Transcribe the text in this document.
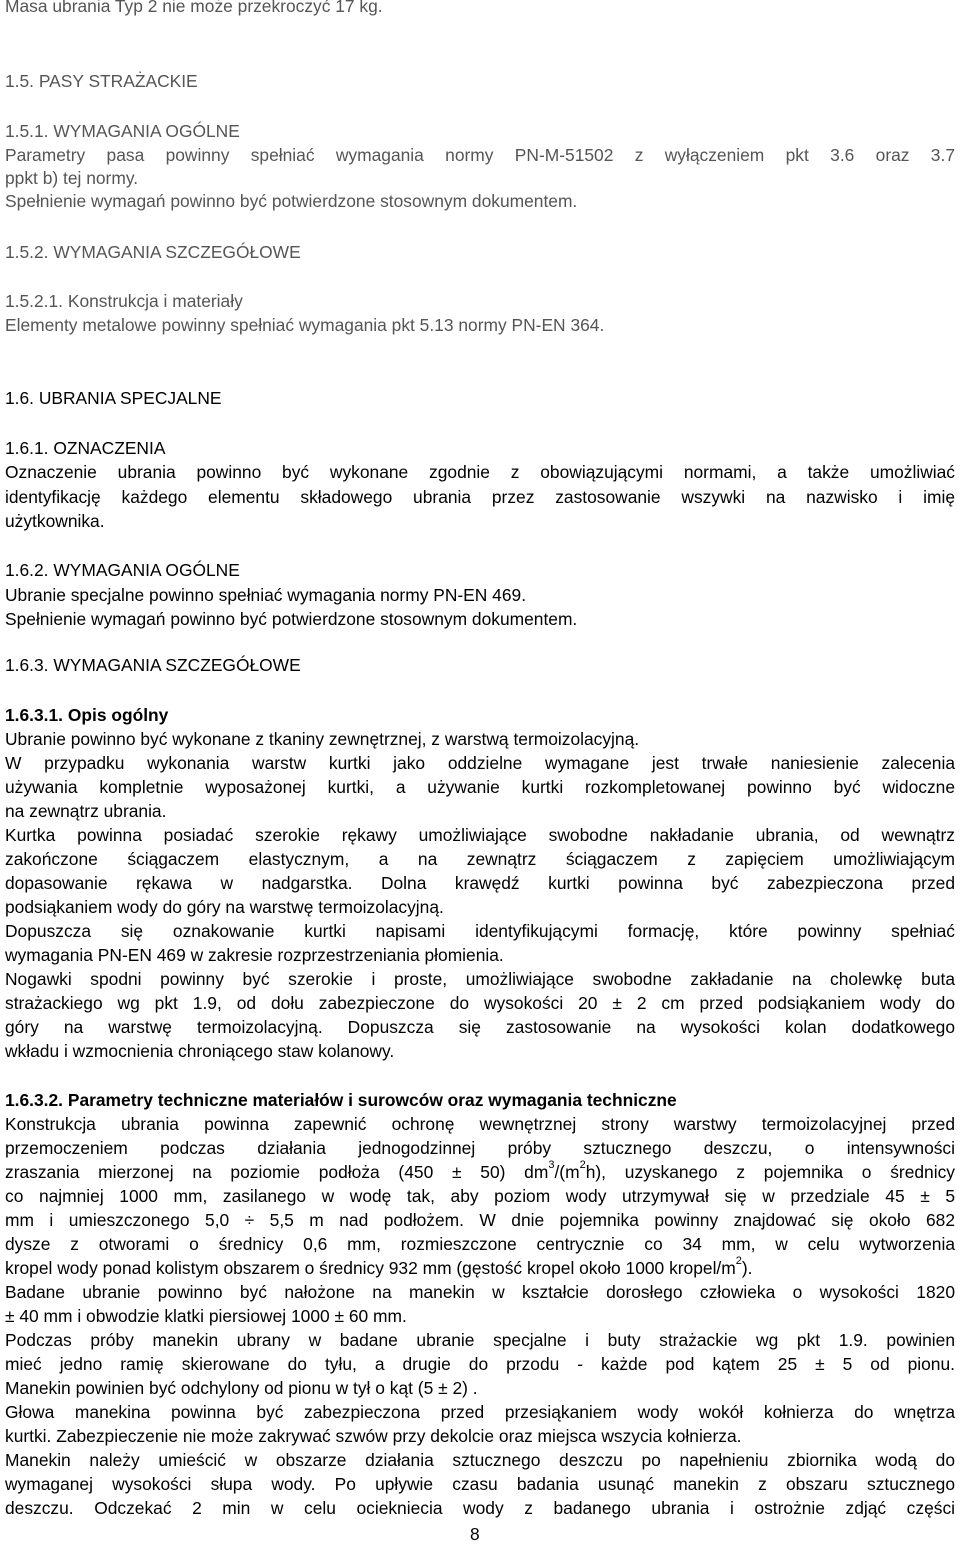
Masa ubrania Typ 2 nie może przekroczyć 17 kg.
1.5. PASY STRAŻACKIE
1.5.1. WYMAGANIA OGÓLNE
Parametry pasa powinny spełniać wymagania normy PN-M-51502 z wyłączeniem pkt 3.6 oraz 3.7
ppkt b) tej normy.
Spełnienie wymagań powinno być potwierdzone stosownym dokumentem.
1.5.2. WYMAGANIA SZCZEGÓŁOWE
1.5.2.1. Konstrukcja i materiały
Elementy metalowe powinny spełniać wymagania pkt 5.13 normy PN-EN 364.
1.6. UBRANIA SPECJALNE
1.6.1. OZNACZENIA
Oznaczenie ubrania powinno być wykonane zgodnie z obowiązującymi normami, a także umożliwiać
identyfikację każdego elementu składowego ubrania przez zastosowanie wszywki na nazwisko i imię
użytkownika.
1.6.2. WYMAGANIA OGÓLNE
Ubranie specjalne powinno spełniać wymagania normy PN-EN 469.
Spełnienie wymagań powinno być potwierdzone stosownym dokumentem.
1.6.3. WYMAGANIA SZCZEGÓŁOWE
1.6.3.1. Opis ogólny
Ubranie powinno być wykonane z tkaniny zewnętrznej, z warstwą termoizolacyjną.
W przypadku wykonania warstw kurtki jako oddzielne wymagane jest trwałe naniesienie zalecenia
używania kompletnie wyposażonej kurtki, a używanie kurtki rozkompletowanej powinno być widoczne
na zewnątrz ubrania.
Kurtka powinna posiadać szerokie rękawy umożliwiające swobodne nakładanie ubrania, od wewnątrz
zakończone ściągaczem elastycznym, a na zewnątrz ściągaczem z zapięciem umożliwiającym
dopasowanie rękawa w nadgarstka. Dolna krawędź kurtki powinna być zabezpieczona przed
podsiąkaniem wody do góry na warstwę termoizolacyjną.
Dopuszcza się oznakowanie kurtki napisami identyfikującymi formację, które powinny spełniać
wymagania PN-EN 469 w zakresie rozprzestrzeniania płomienia.
Nogawki spodni powinny być szerokie i proste, umożliwiające swobodne zakładanie na cholewkę buta
strażackiego wg pkt 1.9, od dołu zabezpieczone do wysokości 20 ± 2 cm przed podsiąkaniem wody do
góry na warstwę termoizolacyjną. Dopuszcza się zastosowanie na wysokości kolan dodatkowego
wkładu i wzmocnienia chroniącego staw kolanowy.
1.6.3.2. Parametry techniczne materiałów i surowców oraz wymagania techniczne
Konstrukcja ubrania powinna zapewnić ochronę wewnętrznej strony warstwy termoizolacyjnej przed
przemoczeniem podczas działania jednogodzinnej próby sztucznego deszczu, o intensywności
zraszania mierzonej na poziomie podłoża (450 ± 50) $dm^3/(m^2h)$, uzyskanego z pojemnika o średnicy
co najmniej 1000 mm, zasilanego w wodę tak, aby poziom wody utrzymywał się w przedziale 45 ± 5
mm i umieszczonego 5,0 ÷ 5,5 m nad podłożem. W dnie pojemnika powinny znajdować się około 682
dysze z otworami o średnicy 0,6 mm, rozmieszczone centrycznie co 34 mm, w celu wytworzenia
kropel wody ponad kolistym obszarem o średnicy 932 mm (gęstość kropel około 1000 kropel/$m^2$).
Badane ubranie powinno być nałożone na manekin w kształcie dorosłego człowieka o wysokości 1820
± 40 mm i obwodzie klatki piersiowej 1000 ± 60 mm.
Podczas próby manekin ubrany w badane ubranie specjalne i buty strażackie wg pkt 1.9. powinien
mieć jedno ramię skierowane do tyłu, a drugie do przodu - każde pod kątem 25 ± 5 od pionu.
Manekin powinien być odchylony od pionu w tył o kąt (5 ± 2) .
Głowa manekina powinna być zabezpieczona przed przesiąkaniem wody wokół kołnierza do wnętrza
kurtki. Zabezpieczenie nie może zakrywać szwów przy dekolcie oraz miejsca wszycia kołnierza.
Manekin należy umieścić w obszarze działania sztucznego deszczu po napełnieniu zbiornika wodą do
wymaganej wysokości słupa wody. Po upływie czasu badania usunąć manekin z obszaru sztucznego
deszczu. Odczekać 2 min w celu ociekniecia wody z badanego ubrania i ostrożnie zdjąć części
8
